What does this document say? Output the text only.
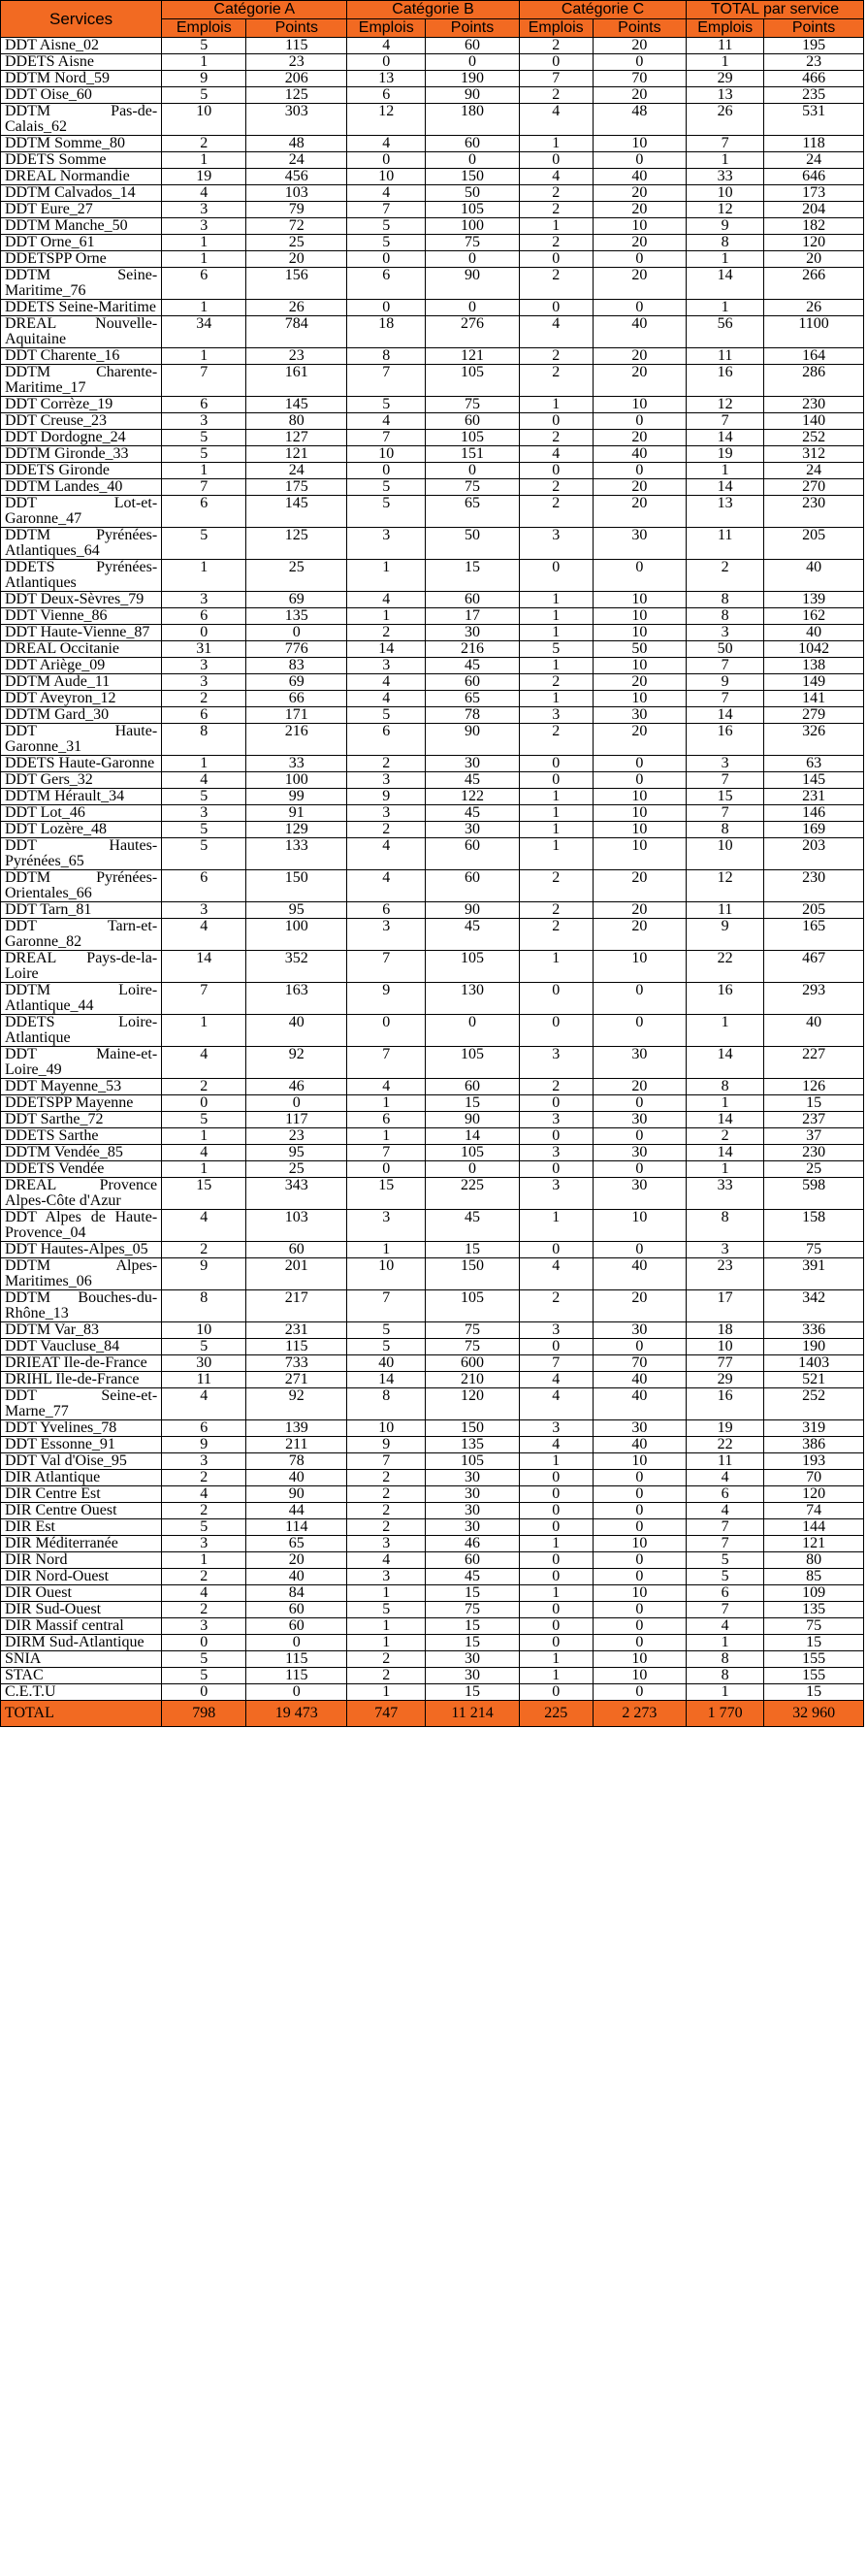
Services	Catégorie A		Catégorie B		Catégorie C		TOTAL par service	
	Emplois	Points	Emplois	Points	Emplois	Points	Emplois	Points
DDT Aisne_02	5	115	4	60	2	20	11	195
DDETS Aisne	1	23	0	0	0	0	1	23
DDTM Nord_59	9	206	13	190	7	70	29	466
DDT Oise_60	5	125	6	90	2	20	13	235
DDTM Pas-de-Calais_62	10	303	12	180	4	48	26	531
DDTM Somme_80	2	48	4	60	1	10	7	118
DDETS Somme	1	24	0	0	0	0	1	24
DREAL Normandie	19	456	10	150	4	40	33	646
DDTM Calvados_14	4	103	4	50	2	20	10	173
DDT Eure_27	3	79	7	105	2	20	12	204
DDTM Manche_50	3	72	5	100	1	10	9	182
DDT Orne_61	1	25	5	75	2	20	8	120
DDETSPP Orne	1	20	0	0	0	0	1	20
DDTM Seine-Maritime_76	6	156	6	90	2	20	14	266
DDETS Seine-Maritime	1	26	0	0	0	0	1	26
DREAL Nouvelle-Aquitaine	34	784	18	276	4	40	56	1100
DDT Charente_16	1	23	8	121	2	20	11	164
DDTM Charente-Maritime_17	7	161	7	105	2	20	16	286
DDT Corrèze_19	6	145	5	75	1	10	12	230
DDT Creuse_23	3	80	4	60	0	0	7	140
DDT Dordogne_24	5	127	7	105	2	20	14	252
DDTM Gironde_33	5	121	10	151	4	40	19	312
DDETS Gironde	1	24	0	0	0	0	1	24
DDTM Landes_40	7	175	5	75	2	20	14	270
DDT Lot-et-Garonne_47	6	145	5	65	2	20	13	230
DDTM Pyrénées-Atlantiques_64	5	125	3	50	3	30	11	205
DDETS Pyrénées-Atlantiques	1	25	1	15	0	0	2	40
DDT Deux-Sèvres_79	3	69	4	60	1	10	8	139
DDT Vienne_86	6	135	1	17	1	10	8	162
DDT Haute-Vienne_87	0	0	2	30	1	10	3	40
DREAL Occitanie	31	776	14	216	5	50	50	1042
DDT Ariège_09	3	83	3	45	1	10	7	138
DDTM Aude_11	3	69	4	60	2	20	9	149
DDT Aveyron_12	2	66	4	65	1	10	7	141
DDTM Gard_30	6	171	5	78	3	30	14	279
DDT Haute-Garonne_31	8	216	6	90	2	20	16	326
DDETS Haute-Garonne	1	33	2	30	0	0	3	63
DDT Gers_32	4	100	3	45	0	0	7	145
DDTM Hérault_34	5	99	9	122	1	10	15	231
DDT Lot_46	3	91	3	45	1	10	7	146
DDT Lozère_48	5	129	2	30	1	10	8	169
DDT Hautes-Pyrénées_65	5	133	4	60	1	10	10	203
DDTM Pyrénées-Orientales_66	6	150	4	60	2	20	12	230
DDT Tarn_81	3	95	6	90	2	20	11	205
DDT Tarn-et-Garonne_82	4	100	3	45	2	20	9	165
DREAL Pays-de-la-Loire	14	352	7	105	1	10	22	467
DDTM Loire-Atlantique_44	7	163	9	130	0	0	16	293
DDETS Loire-Atlantique	1	40	0	0	0	0	1	40
DDT Maine-et-Loire_49	4	92	7	105	3	30	14	227
DDT Mayenne_53	2	46	4	60	2	20	8	126
DDETSPP Mayenne	0	0	1	15	0	0	1	15
DDT Sarthe_72	5	117	6	90	3	30	14	237
DDETS Sarthe	1	23	1	14	0	0	2	37
DDTM Vendée_85	4	95	7	105	3	30	14	230
DDETS Vendée	1	25	0	0	0	0	1	25
DREAL Provence Alpes-Côte d'Azur	15	343	15	225	3	30	33	598
DDT Alpes de Haute-Provence_04	4	103	3	45	1	10	8	158
DDT Hautes-Alpes_05	2	60	1	15	0	0	3	75
DDTM Alpes-Maritimes_06	9	201	10	150	4	40	23	391
DDTM Bouches-du-Rhône_13	8	217	7	105	2	20	17	342
DDTM Var_83	10	231	5	75	3	30	18	336
DDT Vaucluse_84	5	115	5	75	0	0	10	190
DRIEAT Ile-de-France	30	733	40	600	7	70	77	1403
DRIHL Ile-de-France	11	271	14	210	4	40	29	521
DDT Seine-et-Marne_77	4	92	8	120	4	40	16	252
DDT Yvelines_78	6	139	10	150	3	30	19	319
DDT Essonne_91	9	211	9	135	4	40	22	386
DDT Val d'Oise_95	3	78	7	105	1	10	11	193
DIR Atlantique	2	40	2	30	0	0	4	70
DIR Centre Est	4	90	2	30	0	0	6	120
DIR Centre Ouest	2	44	2	30	0	0	4	74
DIR Est	5	114	2	30	0	0	7	144
DIR Méditerranée	3	65	3	46	1	10	7	121
DIR Nord	1	20	4	60	0	0	5	80
DIR Nord-Ouest	2	40	3	45	0	0	5	85
DIR Ouest	4	84	1	15	1	10	6	109
DIR Sud-Ouest	2	60	5	75	0	0	7	135
DIR Massif central	3	60	1	15	0	0	4	75
DIRM Sud-Atlantique	0	0	1	15	0	0	1	15
SNIA	5	115	2	30	1	10	8	155
STAC	5	115	2	30	1	10	8	155
C.E.T.U	0	0	1	15	0	0	1	15
TOTAL	798	19 473	747	11 214	225	2 273	1 770	32 960
